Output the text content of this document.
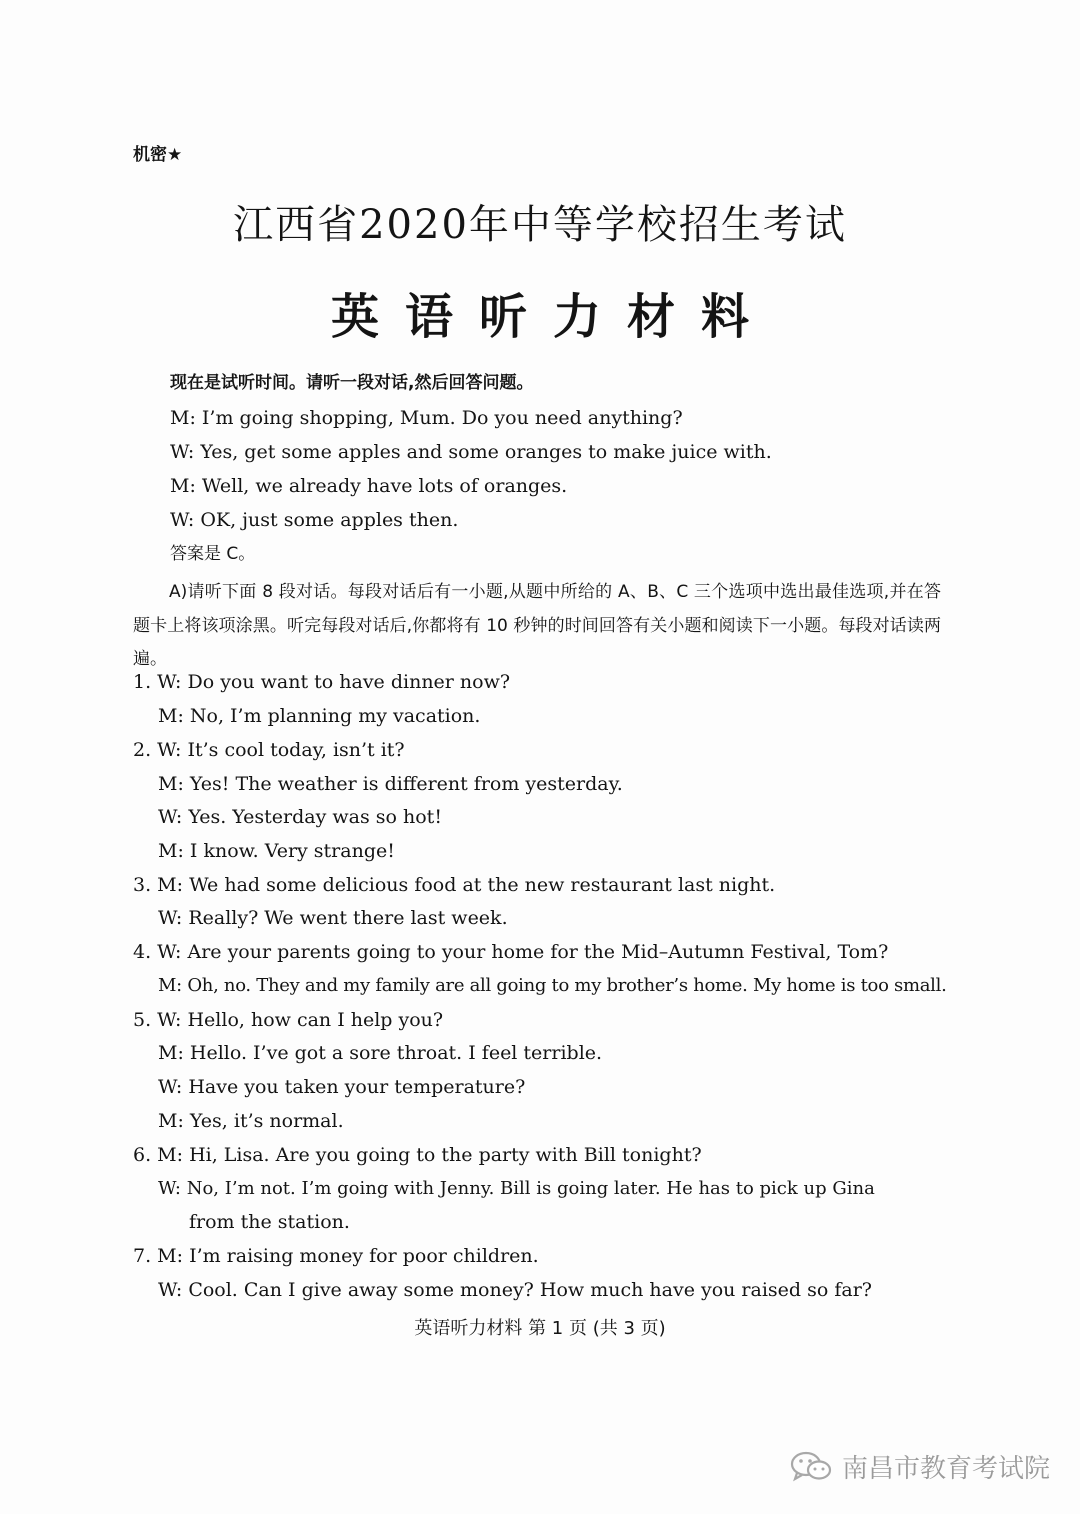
机密★
江西省2020年中等学校招生考试
英语听力材料
现在是试听时间。请听一段对话,然后回答问题。
M: I’m going shopping, Mum. Do you need anything?
W: Yes, get some apples and some oranges to make juice with.
M: Well, we already have lots of oranges.
W: OK, just some apples then.
答案是 C。
A)请听下面 8 段对话。每段对话后有一小题,从题中所给的 A、B、C 三个选项中选出最佳选项,并在答题卡上将该项涂黑。听完每段对话后,你都将有 10 秒钟的时间回答有关小题和阅读下一小题。每段对话读两遍。
1. W: Do you want to have dinner now?
M: No, I’m planning my vacation.
2. W: It’s cool today, isn’t it?
M: Yes! The weather is different from yesterday.
W: Yes. Yesterday was so hot!
M: I know. Very strange!
3. M: We had some delicious food at the new restaurant last night.
W: Really? We went there last week.
4. W: Are your parents going to your home for the Mid–Autumn Festival, Tom?
M: Oh, no. They and my family are all going to my brother’s home. My home is too small.
5. W: Hello, how can I help you?
M: Hello. I’ve got a sore throat. I feel terrible.
W: Have you taken your temperature?
M: Yes, it’s normal.
6. M: Hi, Lisa. Are you going to the party with Bill tonight?
W: No, I’m not. I’m going with Jenny. Bill is going later. He has to pick up Gina
from the station.
7. M: I’m raising money for poor children.
W: Cool. Can I give away some money? How much have you raised so far?
英语听力材料 第 1 页 (共 3 页)
南昌市教育考试院
